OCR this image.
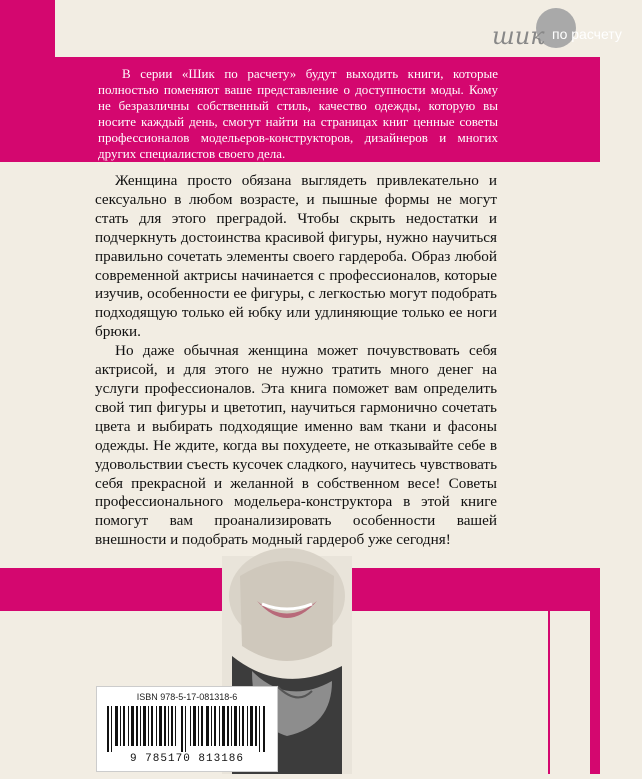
шик по расчету

В серии «Шик по расчету» будут выходить книги, которые полностью поменяют ваше представление о доступности моды. Кому не безразличны собственный стиль, качество одежды, которую вы носите каждый день, смогут найти на страницах книг ценные советы профессионалов модельеров-конструкторов, дизайнеров и многих других специалистов своего дела.

Женщина просто обязана выглядеть привлекательно и сексуально в любом возрасте, и пышные формы не могут стать для этого преградой. Чтобы скрыть недостатки и подчеркнуть достоинства красивой фигуры, нужно научиться правильно сочетать элементы своего гардероба. Образ любой современной актрисы начинается с профессионалов, которые изучив, особенности ее фигуры, с легкостью могут подобрать подходящую только ей юбку или удлиняющие только ее ноги брюки.

Но даже обычная женщина может почувствовать себя актрисой, и для этого не нужно тратить много денег на услуги профессионалов. Эта книга поможет вам определить свой тип фигуры и цветотип, научиться гармонично сочетать цвета и выбирать подходящие именно вам ткани и фасоны одежды. Не ждите, когда вы похудеете, не отказывайте себе в удовольствии съесть кусочек сладкого, научитесь чувствовать себя прекрасной и желанной в собственном весе! Советы профессионального модельера-конструктора в этой книге помогут вам проанализировать особенности вашей внешности и подобрать модный гардероб уже сегодня!

ISBN 978-5-17-081318-6
9 785170 813186
